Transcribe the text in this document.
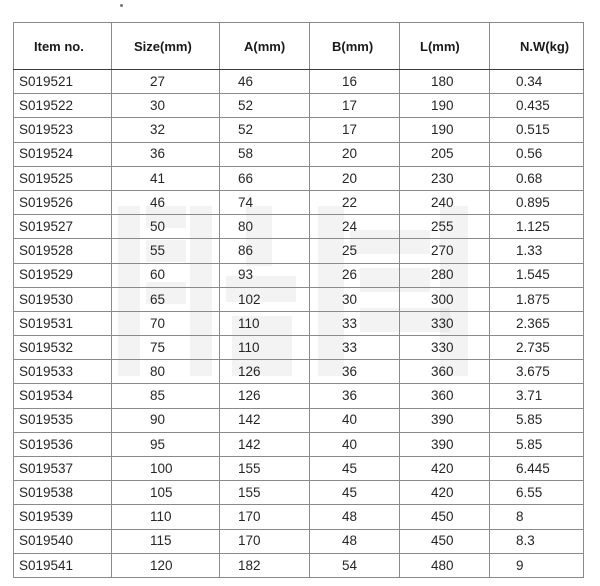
Item no.	Size(mm)	A(mm)	B(mm)	L(mm)	N.W(kg)
S019521	27	46	16	180	0.34
S019522	30	52	17	190	0.435
S019523	32	52	17	190	0.515
S019524	36	58	20	205	0.56
S019525	41	66	20	230	0.68
S019526	46	74	22	240	0.895
S019527	50	80	24	255	1.125
S019528	55	86	25	270	1.33
S019529	60	93	26	280	1.545
S019530	65	102	30	300	1.875
S019531	70	110	33	330	2.365
S019532	75	110	33	330	2.735
S019533	80	126	36	360	3.675
S019534	85	126	36	360	3.71
S019535	90	142	40	390	5.85
S019536	95	142	40	390	5.85
S019537	100	155	45	420	6.445
S019538	105	155	45	420	6.55
S019539	110	170	48	450	8
S019540	115	170	48	450	8.3
S019541	120	182	54	480	9
